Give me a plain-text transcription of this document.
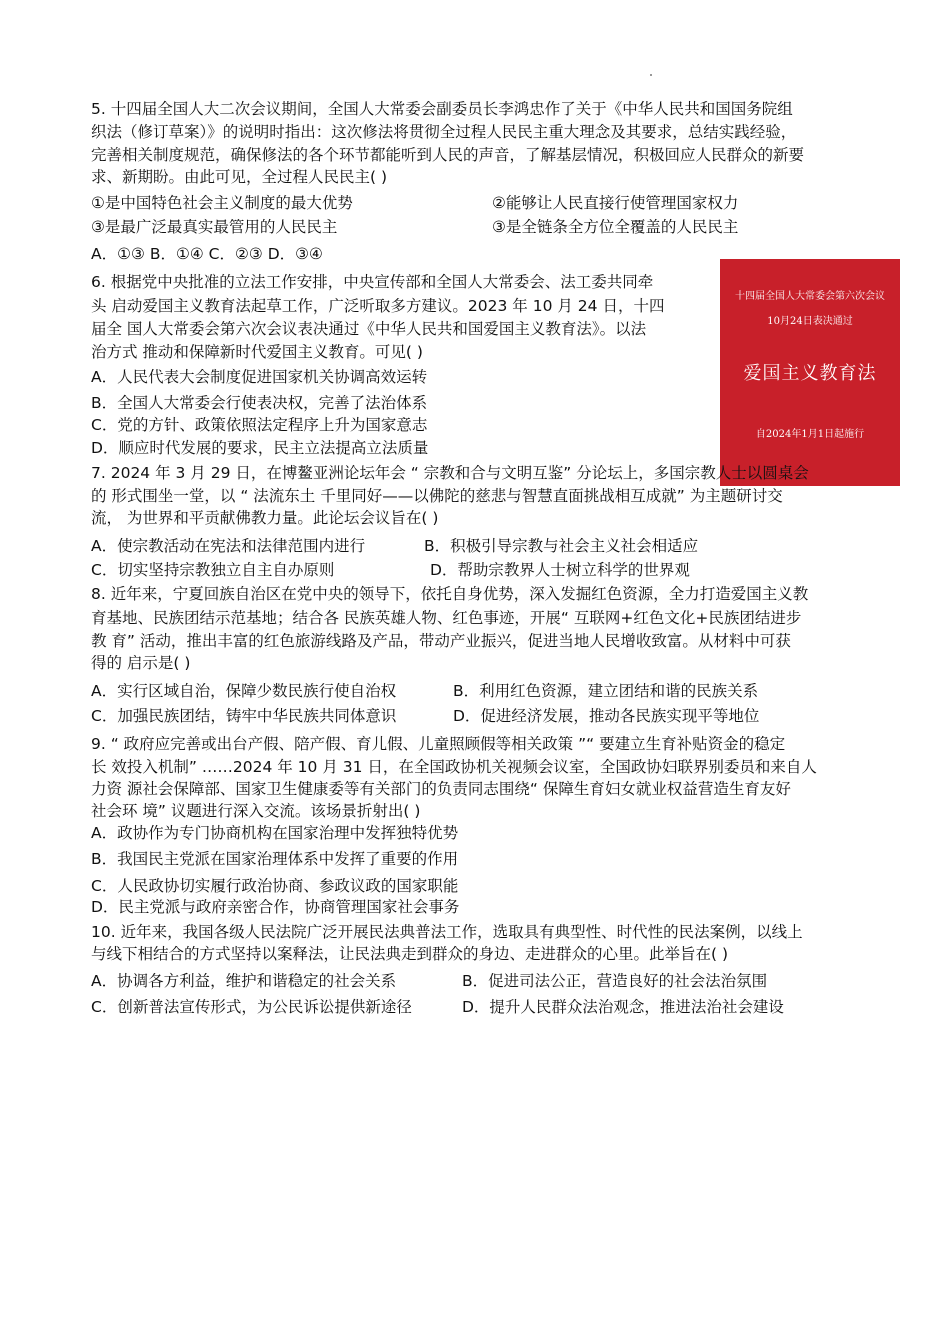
5. 十四届全国人大二次会议期间，全国人大常委会副委员长李鸿忠作了关于《中华人民共和国国务院组
织法（修订草案）》的说明时指出：这次修法将贯彻全过程人民民主重大理念及其要求，总结实践经验，
完善相关制度规范，确保修法的各个环节都能听到人民的声音，了解基层情况，积极回应人民群众的新要
求、新期盼。由此可见，全过程人民民主( )
①是中国特色社会主义制度的最大优势	②能够让人民直接行使管理国家权力
③是最广泛最真实最管用的人民民主	③是全链条全方位全覆盖的人民民主
A．①③ B．①④ C．②③ D．③④
6. 根据党中央批准的立法工作安排，中央宣传部和全国人大常委会、法工委共同牵
头 启动爱国主义教育法起草工作，广泛听取多方建议。2023 年 10 月 24 日，十四
届全 国人大常委会第六次会议表决通过《中华人民共和国爱国主义教育法》。以法
治方式 推动和保障新时代爱国主义教育。可见( )
A．人民代表大会制度促进国家机关协调高效运转
B．全国人大常委会行使表决权，完善了法治体系
C．党的方针、政策依照法定程序上升为国家意志
D．顺应时代发展的要求，民主立法提高立法质量
十四届全国人大常委会第六次会议
10月24日表决通过
爱国主义教育法
自2024年1月1日起施行
7. 2024 年 3 月 29 日，在博鳌亚洲论坛年会 “ 宗教和合与文明互鉴” 分论坛上，多国宗教人士以圆桌会
的 形式围坐一堂，以 “ 法流东土 千里同好——以佛陀的慈悲与智慧直面挑战相互成就” 为主题研讨交
流， 为世界和平贡献佛教力量。此论坛会议旨在( )
A．使宗教活动在宪法和法律范围内进行	B．积极引导宗教与社会主义社会相适应
C．切实坚持宗教独立自主自办原则	D．帮助宗教界人士树立科学的世界观
8. 近年来，宁夏回族自治区在党中央的领导下，依托自身优势，深入发掘红色资源，全力打造爱国主义教
育基地、民族团结示范基地；结合各 民族英雄人物、红色事迹，开展“ 互联网+红色文化+民族团结进步
教 育” 活动，推出丰富的红色旅游线路及产品，带动产业振兴，促进当地人民增收致富。从材料中可获
得的 启示是( )
A．实行区域自治，保障少数民族行使自治权	B．利用红色资源，建立团结和谐的民族关系
C．加强民族团结，铸牢中华民族共同体意识	D．促进经济发展，推动各民族实现平等地位
9. “ 政府应完善或出台产假、陪产假、育儿假、儿童照顾假等相关政策 ”“ 要建立生育补贴资金的稳定
长 效投入机制” ……2024 年 10 月 31 日，在全国政协机关视频会议室，全国政协妇联界别委员和来自人
力资 源社会保障部、国家卫生健康委等有关部门的负责同志围绕“ 保障生育妇女就业权益营造生育友好
社会环 境” 议题进行深入交流。该场景折射出( )
A．政协作为专门协商机构在国家治理中发挥独特优势
B．我国民主党派在国家治理体系中发挥了重要的作用
C．人民政协切实履行政治协商、参政议政的国家职能
D．民主党派与政府亲密合作，协商管理国家社会事务
10. 近年来，我国各级人民法院广泛开展民法典普法工作，选取具有典型性、时代性的民法案例，以线上
与线下相结合的方式坚持以案释法，让民法典走到群众的身边、走进群众的心里。此举旨在( )
A．协调各方利益，维护和谐稳定的社会关系	B．促进司法公正，营造良好的社会法治氛围
C．创新普法宣传形式，为公民诉讼提供新途径	D．提升人民群众法治观念，推进法治社会建设
